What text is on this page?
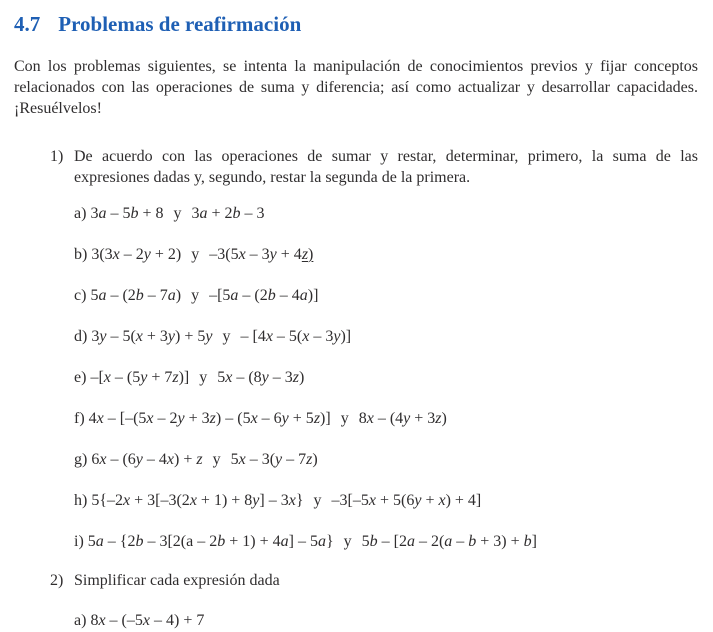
4.7 Problemas de reafirmación

Con los problemas siguientes, se intenta la manipulación de conocimientos previos y fijar conceptos relacionados con las operaciones de suma y diferencia; así como actualizar y desarrollar capacidades. ¡Resuélvelos!

1) De acuerdo con las operaciones de sumar y restar, determinar, primero, la suma de las expresiones dadas y, segundo, restar la segunda de la primera.
a) 3a – 5b + 8 y 3a + 2b – 3
b) 3(3x – 2y + 2) y –3(5x – 3y + 4z)
c) 5a – (2b – 7a) y –[5a – (2b – 4a)]
d) 3y – 5(x + 3y) + 5y y – [4x – 5(x – 3y)]
e) –[x – (5y + 7z)] y 5x – (8y – 3z)
f) 4x – [–(5x – 2y + 3z) – (5x – 6y + 5z)] y 8x – (4y + 3z)
g) 6x – (6y – 4x) + z y 5x – 3(y – 7z)
h) 5{–2x + 3[–3(2x + 1) + 8y] – 3x} y –3[–5x + 5(6y + x) + 4]
i) 5a – {2b – 3[2(a – 2b + 1) + 4a] – 5a} y 5b – [2a – 2(a – b + 3) + b]
2) Simplificar cada expresión dada
a) 8x – (–5x – 4) + 7
